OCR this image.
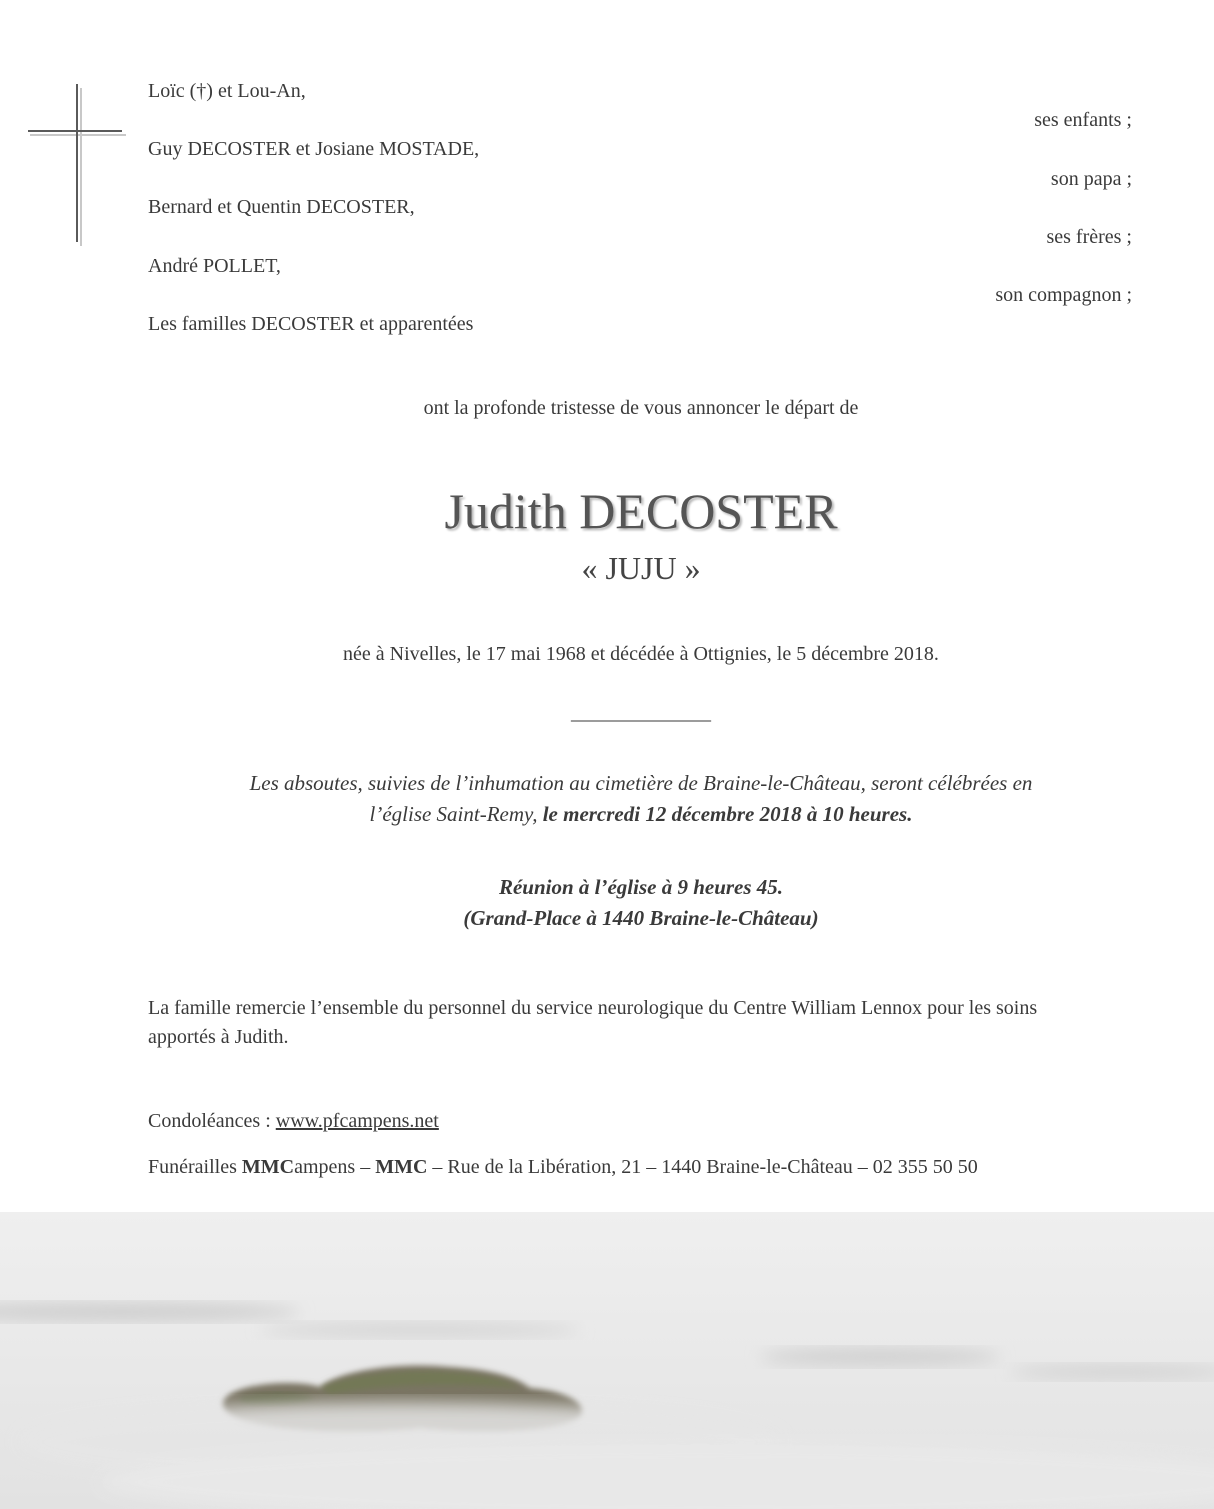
Loïc (†) et Lou-An,
ses enfants ;
Guy DECOSTER et Josiane MOSTADE,
son papa ;
Bernard et Quentin DECOSTER,
ses frères ;
André POLLET,
son compagnon ;
Les familles DECOSTER et apparentées
ont la profonde tristesse de vous annoncer le départ de
Judith DECOSTER
« JUJU »
née à Nivelles, le 17 mai 1968 et décédée à Ottignies, le 5 décembre 2018.
______________
Les absoutes, suivies de l’inhumation au cimetière de Braine-le-Château, seront célébrées en
l’église Saint-Remy, le mercredi 12 décembre 2018 à 10 heures.
Réunion à l’église à 9 heures 45.
(Grand-Place à 1440 Braine-le-Château)
La famille remercie l’ensemble du personnel du service neurologique du Centre William Lennox pour les soins
apportés à Judith.
Condoléances : www.pfcampens.net
Funérailles MMCampens – MMC – Rue de la Libération, 21 – 1440 Braine-le-Château – 02 355 50 50
